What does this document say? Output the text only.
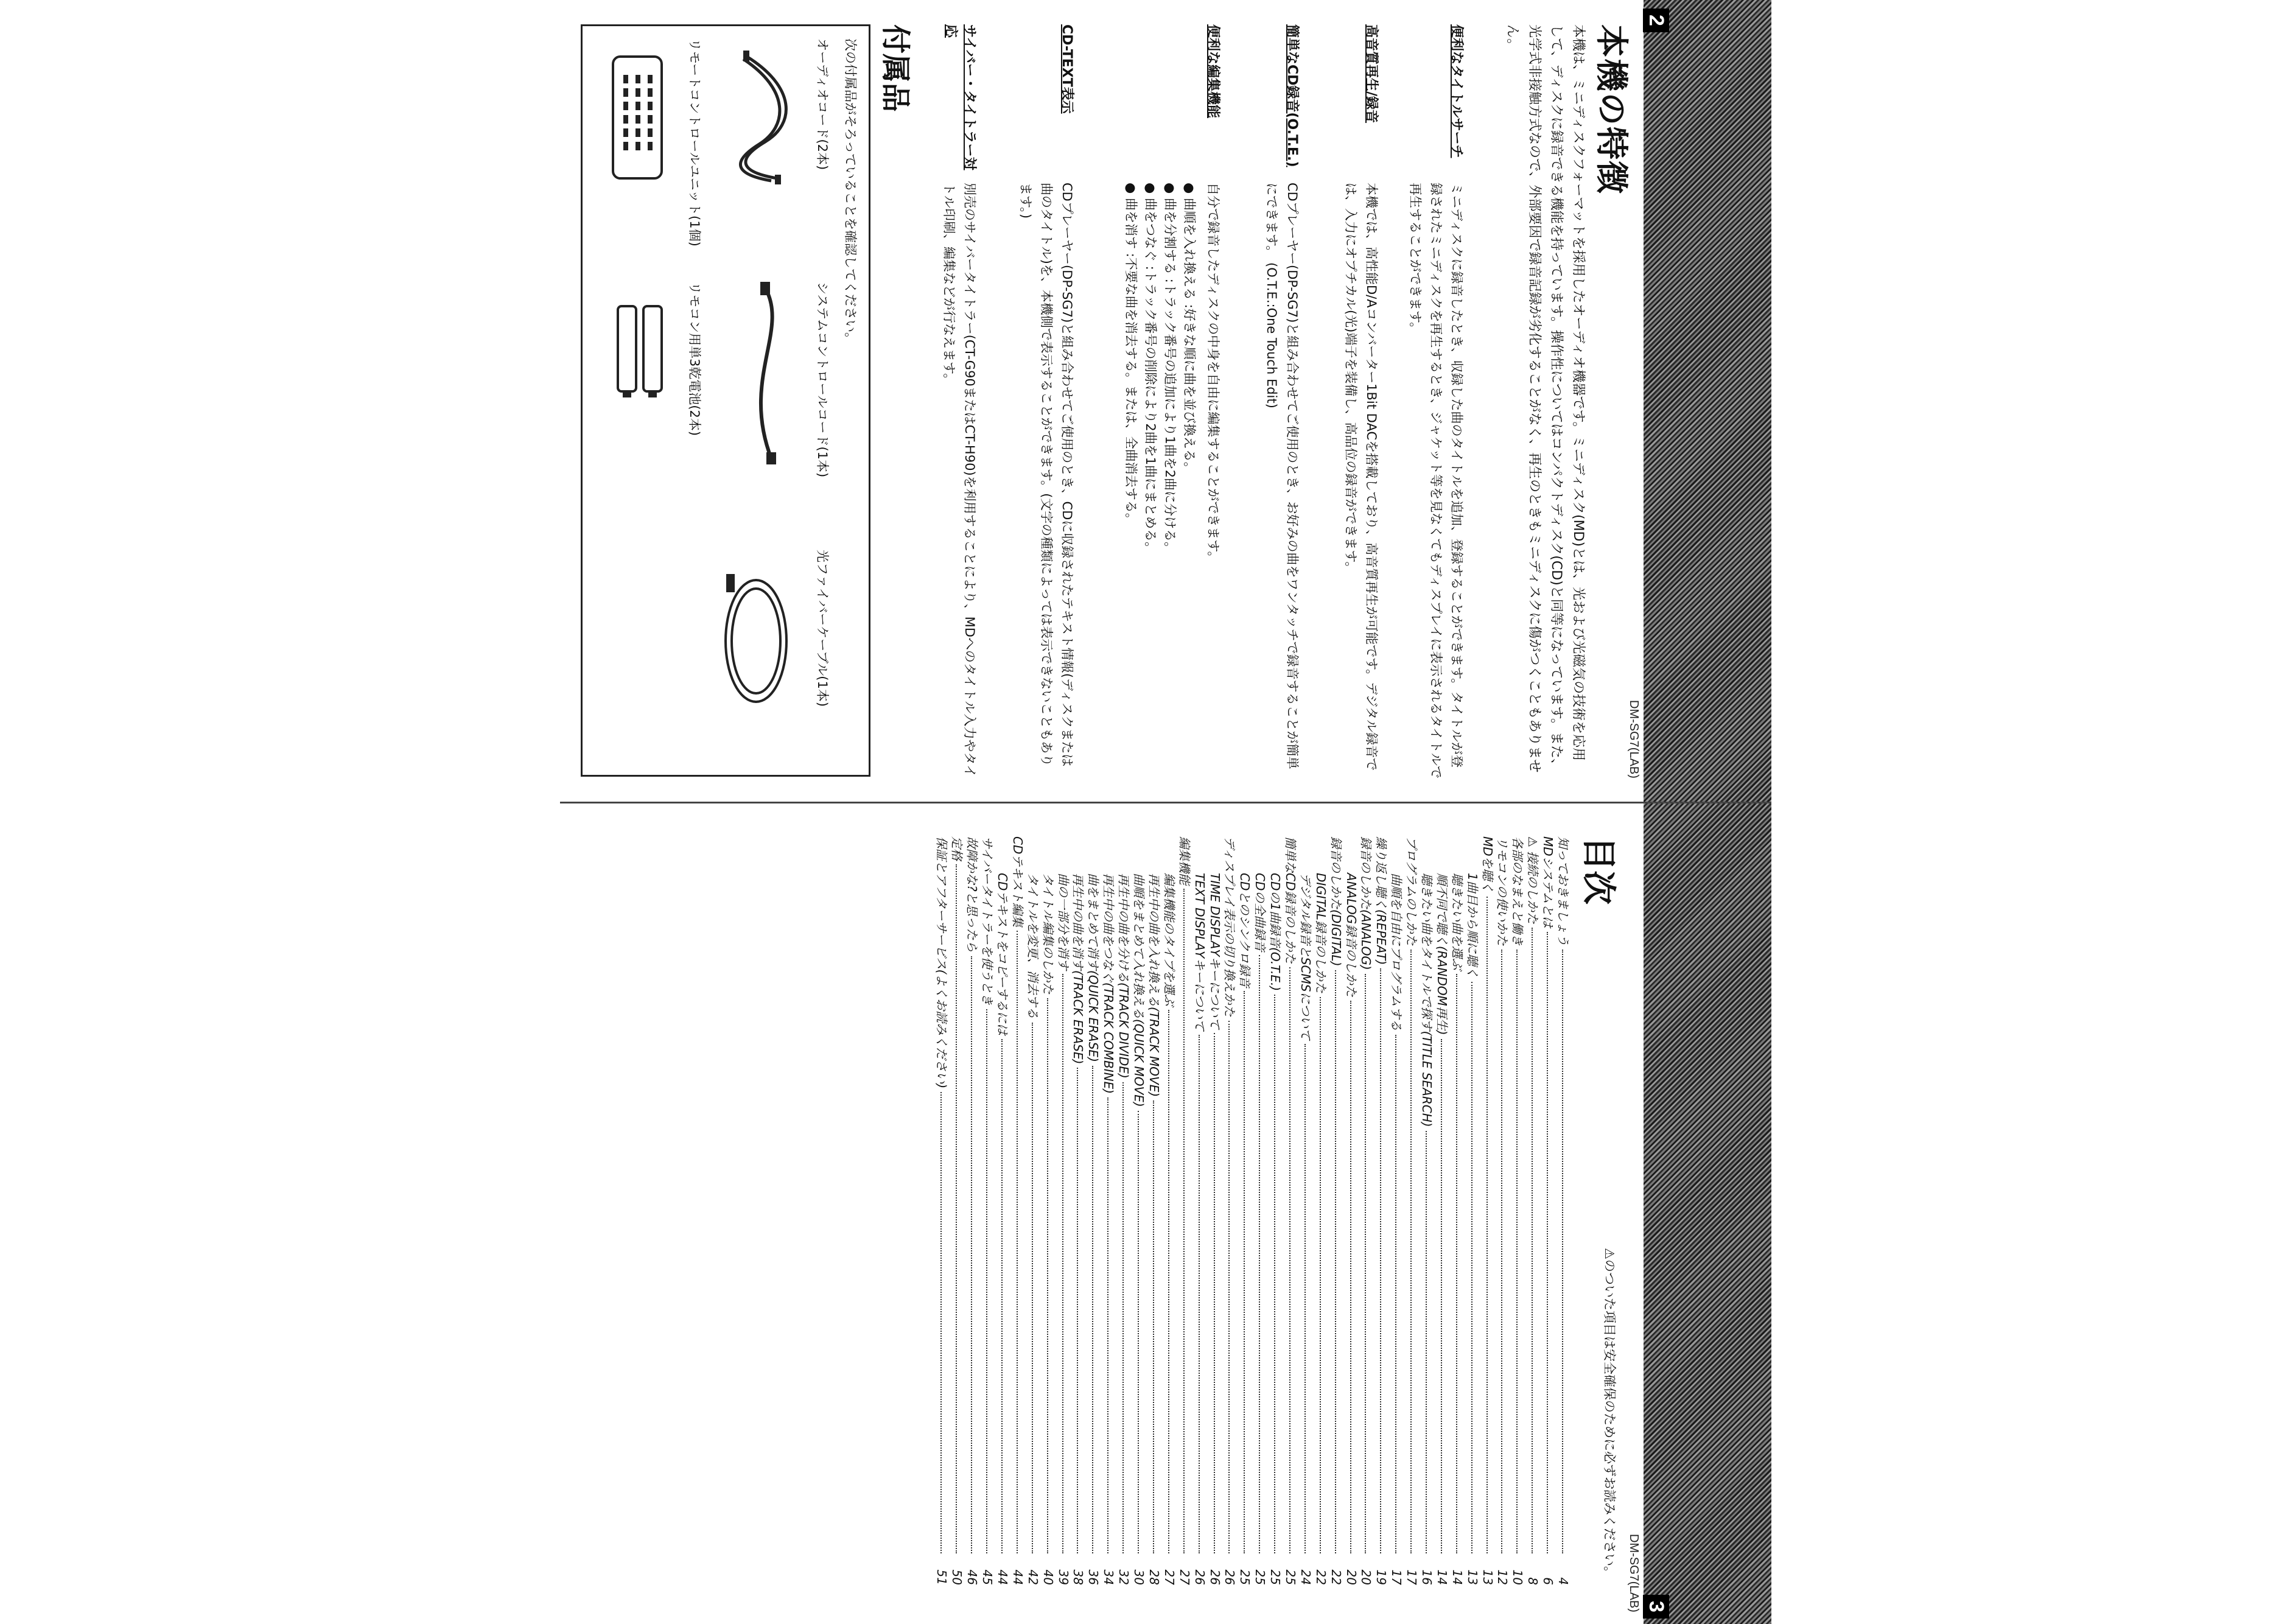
2
3
DM-SG7(LAB)
DM-SG7(LAB)
本機の特徴
本機は、ミニディスクフォーマットを採用したオーディオ機器です。ミニディスク(MD)とは、光および光磁気の技術を応用して、ディスクに録音できる機能を持っています。操作性についてはコンパクトディスク(CD)と同等になっています。また、光学式非接触方式なので、外部要因で録音記録が劣化することがなく、再生のときもミニディスクに傷がつくこともありません。
便利なタイトルサーチ
ミニディスクに録音したとき、収録した曲のタイトルを追加、登録することができます。タイトルが登録されたミニディスクを再生するとき、ジャケット等を見なくてもディスプレイに表示されるタイトルで再生することができます。
高音質再生/録音
本機では、高性能D/Aコンバーター1Bit DACを搭載しており、高音質再生が可能です。デジタル録音では、入力にオプチカル(光)端子を装備し、高品位の録音ができます。
簡単なCD録音(O.T.E.)
CDプレーヤー(DP-SG7)と組み合わせてご使用のとき、お好みの曲をワンタッチで録音することが簡単にできます。 (O.T.E.:One Touch Edit)
便利な編集機能
自分で録音したディスクの中身を自由に編集することができます。
● 曲順を入れ換える :好きな順に曲を並び換える。
● 曲を分割する :トラック番号の追加により1曲を2曲に分ける。
● 曲をつなぐ :トラック番号の削除により2曲を1曲にまとめる。
● 曲を消す :不要な曲を消去する。または、全曲消去する。
CD-TEXT表示
CDプレーヤー(DP-SG7)と組み合わせてご使用のとき、CDに収録されたテキスト情報(ディスクまたは曲のタイトル)を、本機側で表示することができます。(文字の種類によっては表示できないこともあります。)
サイバー・タイトラー対応
別売のサイバータイトラー(CT-G90またはCT-H90)を利用することにより、MDへのタイトル入力やタイトル印刷、編集などが行なえます。
付属品
次の付属品がそろっていることを確認してください。
オーディオコード(2本)
システムコントロールコード(1本)
光ファイバーケーブル(1本)
リモートコントロールユニット(1個)
リモコン用単3乾電池(2本)
目次
⚠のついた項目は安全確保のために必ずお読みください。
知っておきましょう
4
MDシステムとは
6
⚠ 接続のしかた
8
各部のなまえと働き
10
リモコンの使いかた
12
MDを聴く
13
1曲目から順に聴く
13
聴きたい曲を選ぶ
14
順不同で聴く(RANDOM再生)
14
聴きたい曲をタイトルで探す(TITLE SEARCH)
16
プログラムのしかた
17
曲順を自由にプログラムする
17
繰り返し聴く(REPEAT)
19
録音のしかた(ANALOG)
20
ANALOG録音のしかた
20
録音のしかた(DIGITAL)
22
DIGITAL録音のしかた
22
デジタル録音とSCMSについて
24
簡単なCD録音のしかた
25
CDの1曲録音(O.T.E.)
25
CDの全曲録音
25
CDとのシンクロ録音
25
ディスプレイ表示の切り換えかた
26
TIME DISPLAYキーについて
26
TEXT DISPLAYキーについて
26
編集機能
27
編集機能のタイプを選ぶ
27
再生中の曲を入れ換える(TRACK MOVE)
28
曲順をまとめて入れ換える(QUICK MOVE)
30
再生中の曲を分ける(TRACK DIVIDE)
32
再生中の曲をつなぐ(TRACK COMBINE)
34
曲をまとめて消す(QUICK ERASE)
36
再生中の曲を消す(TRACK ERASE)
38
曲の一部分を消す
39
タイトル編集のしかた
40
タイトルを変更、消去する
42
CDテキスト編集
44
CDテキストをコピーするには
44
サイバータイトラーを使うとき
45
故障かな?と思ったら
46
定格
50
保証とアフターサービス(よくお読みください)
51
